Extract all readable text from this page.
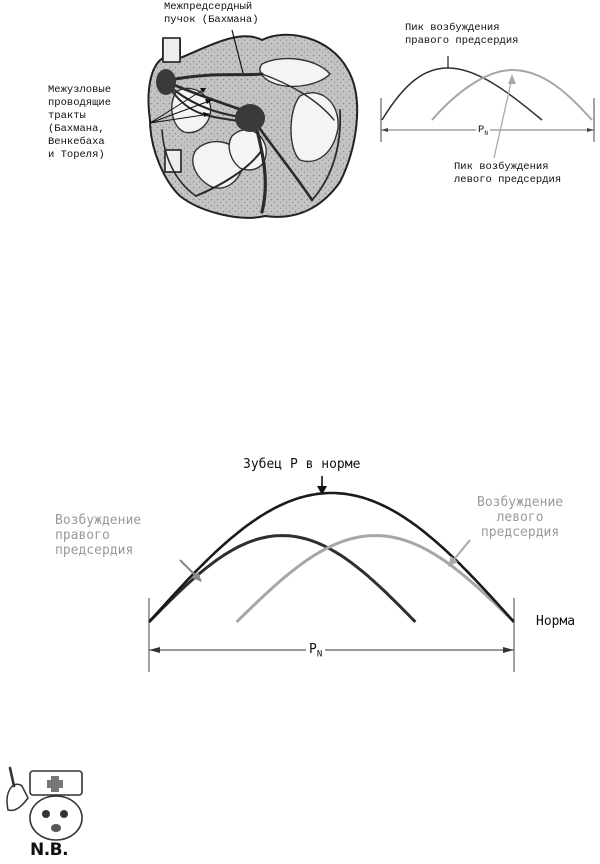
Межпредсердный
пучок (Бахмана)
Межузловые
проводящие
тракты
(Бахмана,
Венкебаха
и Тореля)
Пик возбуждения
правого предсердия
Пик возбуждения
левого предсердия
$P_N$
Зубец P в норме
Возбуждение
правого
предсердия
Возбуждение
левого
предсердия
Норма
$P_N$
N.B.
